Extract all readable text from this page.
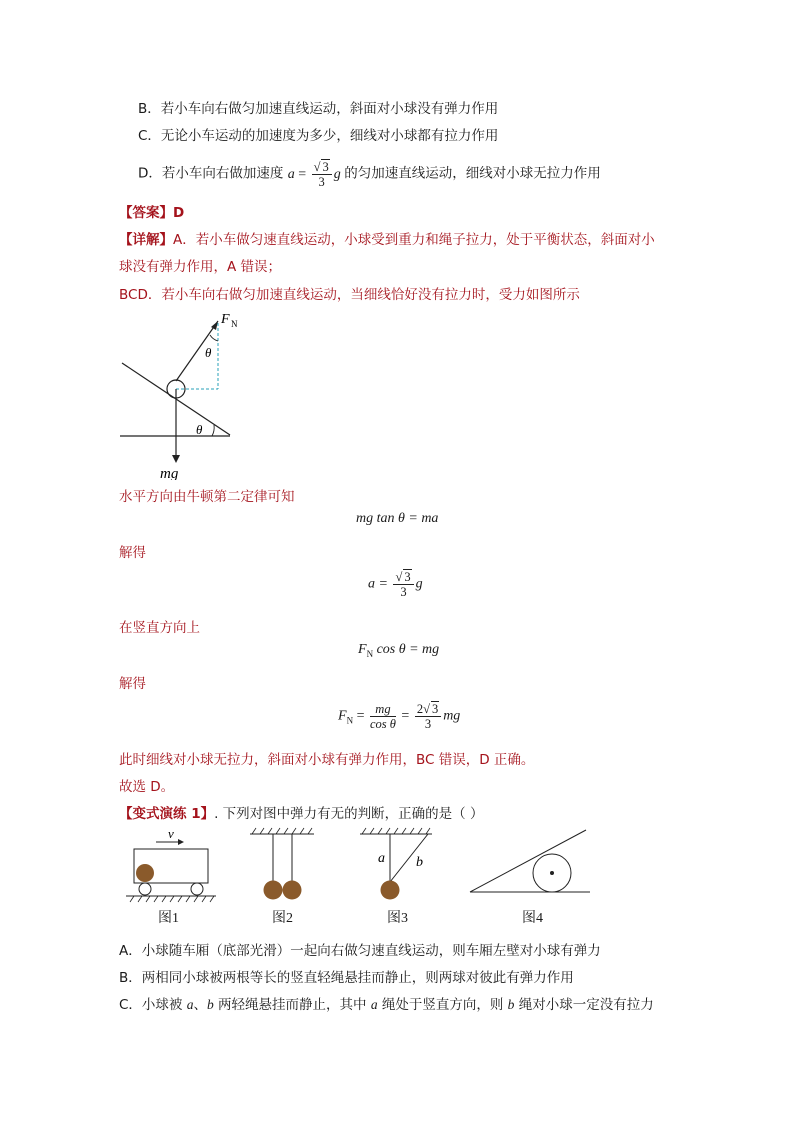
B．若小车向右做匀加速直线运动，斜面对小球没有弹力作用
C．无论小车运动的加速度为多少，细线对小球都有拉力作用
D．若小车向右做加速度 $a = \frac{√ 3}{3}$ g 的匀加速直线运动，细线对小球无拉力作用
【答案】D
【详解】A．若小车做匀速直线运动，小球受到重力和绳子拉力，处于平衡状态，斜面对小
球没有弹力作用，A 错误；
BCD．若小车向右做匀加速直线运动，当细线恰好没有拉力时，受力如图所示
F N
θ
θ
mg
水平方向由牛顿第二定律可知
mg tan θ = ma
解得
$a = \frac{√ 3}{3}$ g
在竖直方向上
$F_N$ cos θ = mg
解得
$F_N = \frac{mg}{\text{cos θ}} = \frac{2√ 3}{3}$ mg
此时细线对小球无拉力，斜面对小球有弹力作用，BC 错误，D 正确。
故选 D。
【变式演练 1】. 下列对图中弹力有无的判断，正确的是（ ）
v
a b
图1	图2	图3	图4
A．小球随车厢（底部光滑）一起向右做匀速直线运动，则车厢左壁对小球有弹力
B．两相同小球被两根等长的竖直轻绳悬挂而静止，则两球对彼此有弹力作用
C．小球被 a、b 两轻绳悬挂而静止，其中 a 绳处于竖直方向，则 b 绳对小球一定没有拉力
